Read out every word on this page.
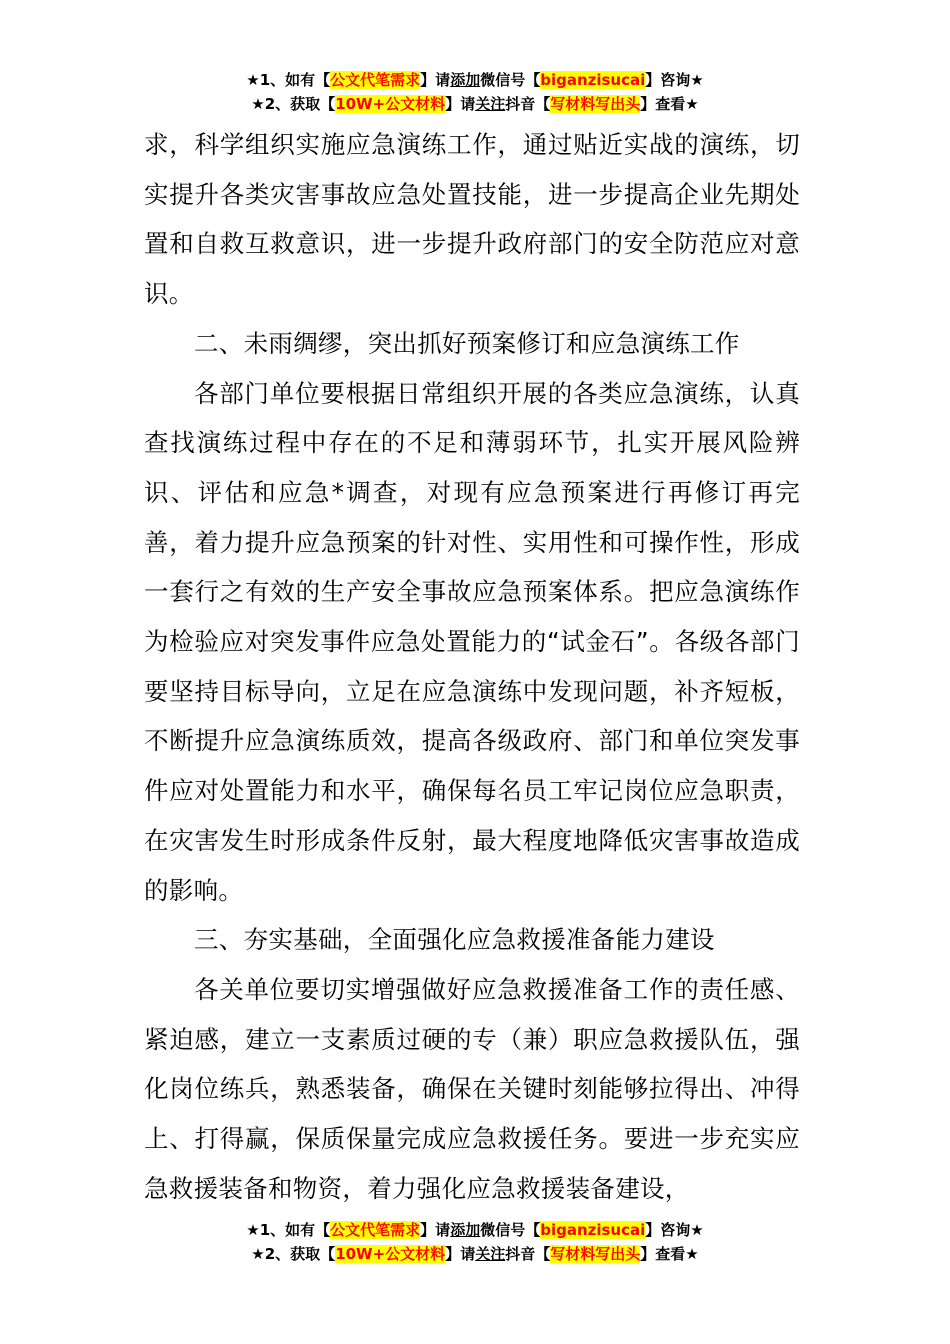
★1、如有【公文代笔需求】请添加微信号【biganzisucai】咨询★
★2、获取【10W+公文材料】请关注抖音【写材料写出头】查看★

求，科学组织实施应急演练工作，通过贴近实战的演练，切实提升各类灾害事故应急处置技能，进一步提高企业先期处置和自救互救意识，进一步提升政府部门的安全防范应对意识。

二、未雨绸缪，突出抓好预案修订和应急演练工作

各部门单位要根据日常组织开展的各类应急演练，认真查找演练过程中存在的不足和薄弱环节，扎实开展风险辨识、评估和应急*调查，对现有应急预案进行再修订再完善，着力提升应急预案的针对性、实用性和可操作性，形成一套行之有效的生产安全事故应急预案体系。把应急演练作为检验应对突发事件应急处置能力的“试金石”。各级各部门要坚持目标导向，立足在应急演练中发现问题，补齐短板，不断提升应急演练质效，提高各级政府、部门和单位突发事件应对处置能力和水平，确保每名员工牢记岗位应急职责，在灾害发生时形成条件反射，最大程度地降低灾害事故造成的影响。

三、夯实基础，全面强化应急救援准备能力建设

各关单位要切实增强做好应急救援准备工作的责任感、紧迫感，建立一支素质过硬的专（兼）职应急救援队伍，强化岗位练兵，熟悉装备，确保在关键时刻能够拉得出、冲得上、打得赢，保质保量完成应急救援任务。要进一步充实应急救援装备和物资，着力强化应急救援装备建设，

★1、如有【公文代笔需求】请添加微信号【biganzisucai】咨询★
★2、获取【10W+公文材料】请关注抖音【写材料写出头】查看★
